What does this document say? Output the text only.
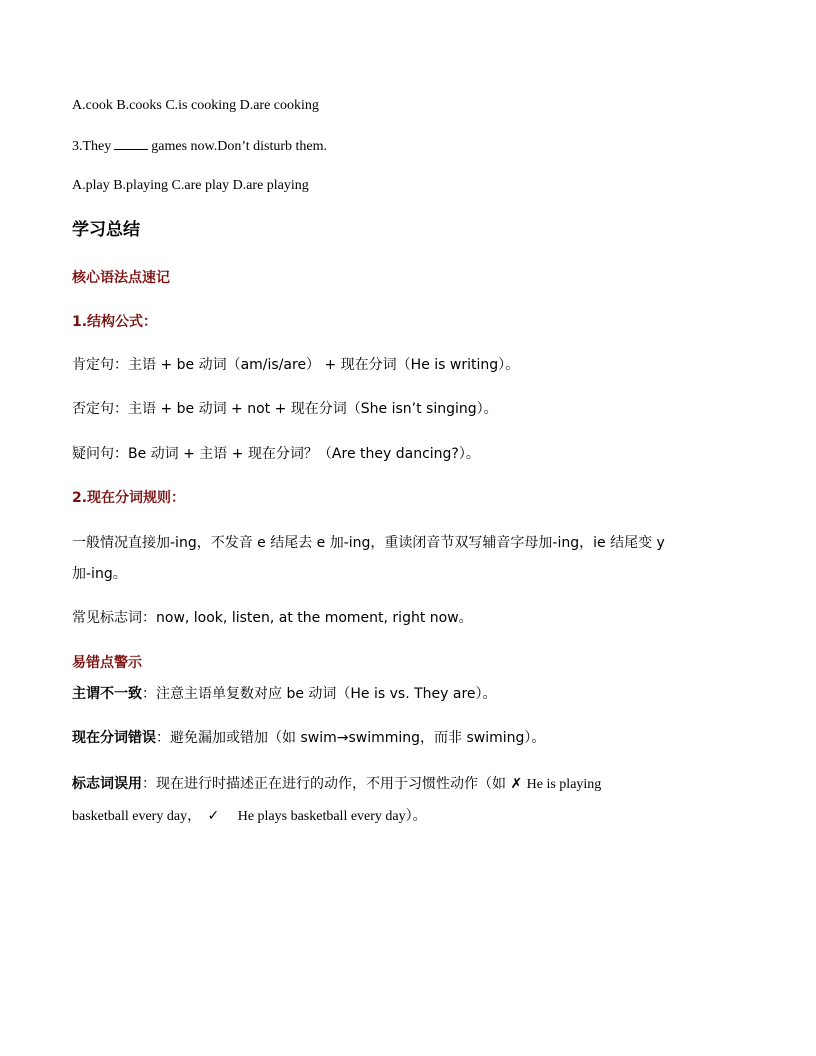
A.cook B.cooks C.is cooking D.are cooking
3.They	games now.Don’t disturb them.
A.play B.playing C.are play D.are playing
学习总结
核心语法点速记
1.结构公式：
肯定句：主语 + be 动词（am/is/are） + 现在分词（He is writing）。
否定句：主语 + be 动词 + not + 现在分词（She isn’t singing）。
疑问句：Be 动词 + 主语 + 现在分词？（Are they dancing?）。
2.现在分词规则：
一般情况直接加-ing，不发音 e 结尾去 e 加-ing，重读闭音节双写辅音字母加-ing，ie 结尾变 y
加-ing。
常见标志词：now, look, listen, at the moment, right now。
易错点警示
主谓不一致：注意主语单复数对应 be 动词（He is vs. They are）。
现在分词错误：避免漏加或错加（如 swim→swimming，而非 swiming）。
标志词误用：现在进行时描述正在进行的动作，不用于习惯性动作（如 ✗ He is playing
basketball every day， ✓ He plays basketball every day）。
